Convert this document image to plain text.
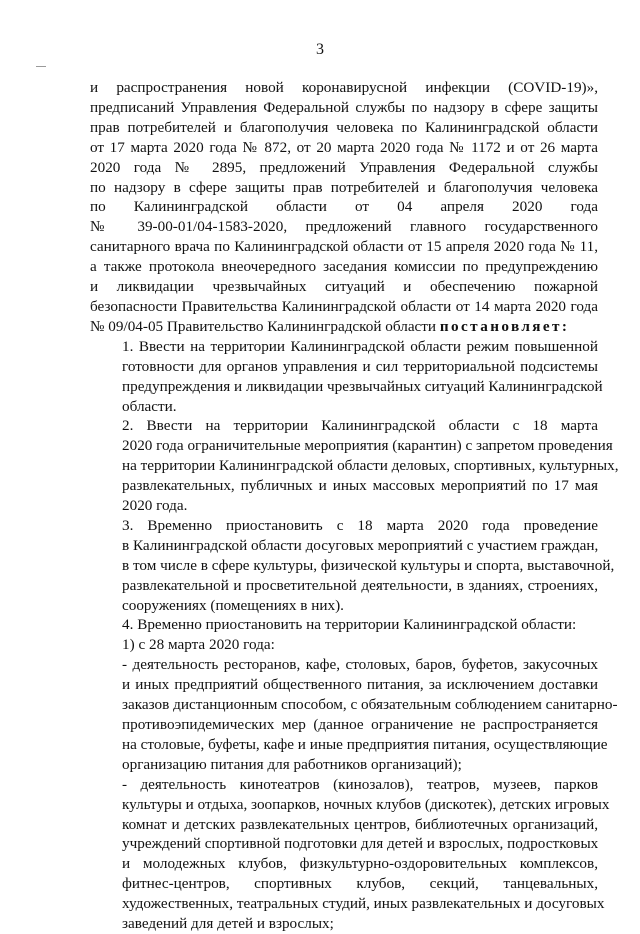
3

и распространения новой коронавирусной инфекции (COVID-19)»,
предписаний Управления Федеральной службы по надзору в сфере защиты
прав потребителей и благополучия человека по Калининградской области
от 17 марта 2020 года № 872, от 20 марта 2020 года № 1172 и от 26 марта
2020 года № 2895, предложений Управления Федеральной службы
по надзору в сфере защиты прав потребителей и благополучия человека
по Калининградской области от 04 апреля 2020 года
№ 39-00-01/04-1583-2020, предложений главного государственного
санитарного врача по Калининградской области от 15 апреля 2020 года № 11,
а также протокола внеочередного заседания комиссии по предупреждению
и ликвидации чрезвычайных ситуаций и обеспечению пожарной
безопасности Правительства Калининградской области от 14 марта 2020 года
№ 09/04-05 Правительство Калининградской области постановляет:

1. Ввести на территории Калининградской области режим повышенной
готовности для органов управления и сил территориальной подсистемы
предупреждения и ликвидации чрезвычайных ситуаций Калининградской
области.

2. Ввести на территории Калининградской области с 18 марта
2020 года ограничительные мероприятия (карантин) с запретом проведения
на территории Калининградской области деловых, спортивных, культурных,
развлекательных, публичных и иных массовых мероприятий по 17 мая
2020 года.

3. Временно приостановить с 18 марта 2020 года проведение
в Калининградской области досуговых мероприятий с участием граждан,
в том числе в сфере культуры, физической культуры и спорта, выставочной,
развлекательной и просветительной деятельности, в зданиях, строениях,
сооружениях (помещениях в них).

4. Временно приостановить на территории Калининградской области:

1) с 28 марта 2020 года:

- деятельность ресторанов, кафе, столовых, баров, буфетов, закусочных
и иных предприятий общественного питания, за исключением доставки
заказов дистанционным способом, с обязательным соблюдением санитарно-
противоэпидемических мер (данное ограничение не распространяется
на столовые, буфеты, кафе и иные предприятия питания, осуществляющие
организацию питания для работников организаций);

- деятельность кинотеатров (кинозалов), театров, музеев, парков
культуры и отдыха, зоопарков, ночных клубов (дискотек), детских игровых
комнат и детских развлекательных центров, библиотечных организаций,
учреждений спортивной подготовки для детей и взрослых, подростковых
и молодежных клубов, физкультурно-оздоровительных комплексов,
фитнес-центров, спортивных клубов, секций, танцевальных,
художественных, театральных студий, иных развлекательных и досуговых
заведений для детей и взрослых;
